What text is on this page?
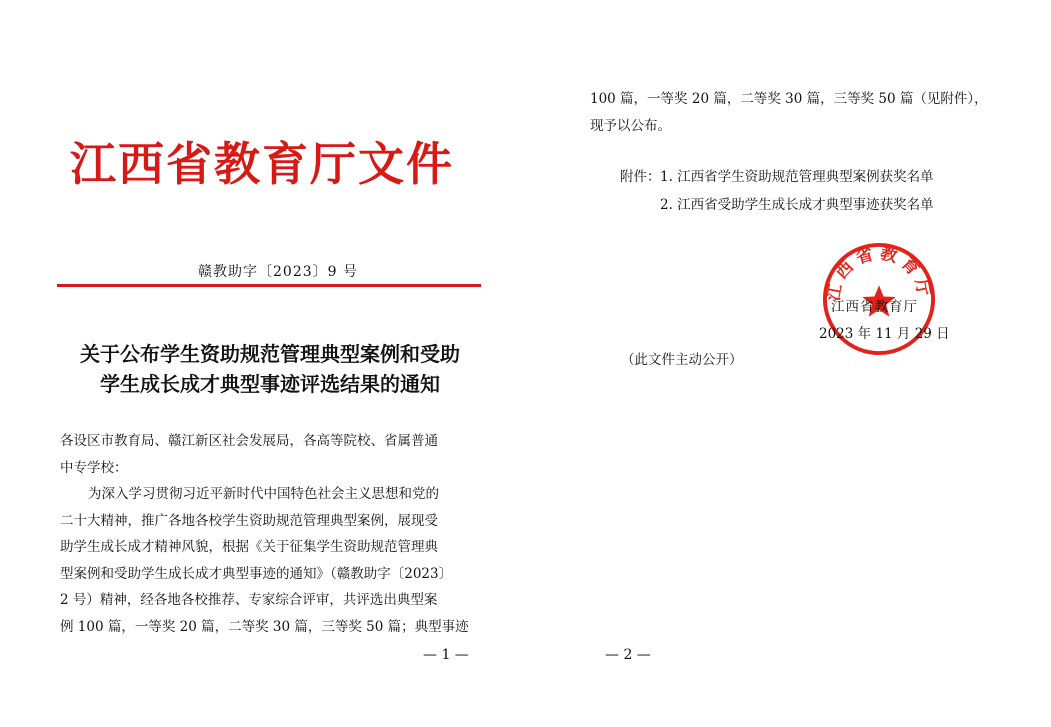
江西省教育厅文件
赣教助字〔2023〕9 号
关于公布学生资助规范管理典型案例和受助
学生成长成才典型事迹评选结果的通知
各设区市教育局、赣江新区社会发展局，各高等院校、省属普通
中专学校：
为深入学习贯彻习近平新时代中国特色社会主义思想和党的
二十大精神，推广各地各校学生资助规范管理典型案例，展现受
助学生成长成才精神风貌，根据《关于征集学生资助规范管理典
型案例和受助学生成长成才典型事迹的通知》（赣教助字〔2023〕
2 号）精神，经各地各校推荐、专家综合评审，共评选出典型案
例 100 篇，一等奖 20 篇，二等奖 30 篇，三等奖 50 篇；典型事迹
— 1 —
100 篇，一等奖 20 篇，二等奖 30 篇，三等奖 50 篇（见附件），
现予以公布。
附件：1. 江西省学生资助规范管理典型案例获奖名单
2. 江西省受助学生成长成才典型事迹获奖名单
江西省教育厅
江西省教育厅
2023 年 11 月 29 日
（此文件主动公开）
— 2 —
